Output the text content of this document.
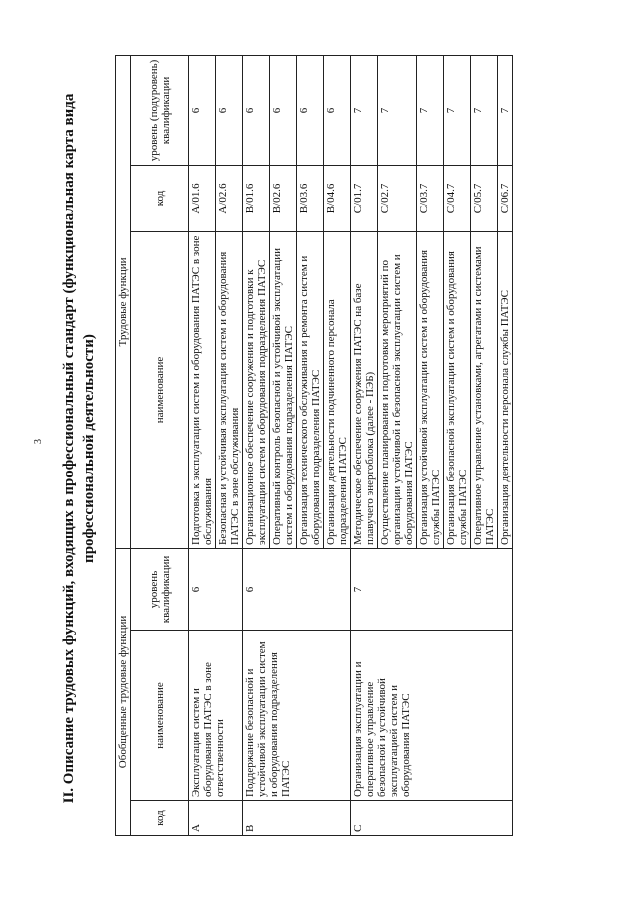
3 II. Описание трудовых функций, входящих в профессиональный стандарт (функциональная карта вида профессиональной деятельности)
Обобщенные трудовые функции			Трудовые функции		
код	наименование	уровень квалификации	наименование	код	уровень (подуровень) квалификации
A	Эксплуатация систем и оборудования ПАТЭС в зоне ответственности	6	Подготовка к эксплуатации систем и оборудования ПАТЭС в зоне обслуживания	A/01.6	6
			Безопасная и устойчивая эксплуатация систем и оборудования ПАТЭС в зоне обслуживания	A/02.6	6
B	Поддержание безопасной и устойчивой эксплуатации систем и оборудования подразделения ПАТЭС	6	Организационное обеспечение сооружения и подготовки к эксплуатации систем и оборудования подразделения ПАТЭС	B/01.6	6
			Оперативный контроль безопасной и устойчивой эксплуатации систем и оборудования подразделения ПАТЭС	B/02.6	6
			Организация технического обслуживания и ремонта систем и оборудования подразделения ПАТЭС	B/03.6	6
			Организация деятельности подчиненного персонала подразделения ПАТЭС	B/04.6	6
C	Организация эксплуатации и оперативное управление безопасной и устойчивой эксплуатацией систем и оборудования ПАТЭС	7	Методическое обеспечение сооружения ПАТЭС на базе плавучего энергоблока (далее - ПЭБ)	C/01.7	7
			Осуществление планирования и подготовки мероприятий по организации устойчивой и безопасной эксплуатации систем и оборудования ПАТЭС	C/02.7	7
			Организация устойчивой эксплуатации систем и оборудования службы ПАТЭС	C/03.7	7
			Организация безопасной эксплуатации систем и оборудования службы ПАТЭС	C/04.7	7
			Оперативное управление установками, агрегатами и системами ПАТЭС	C/05.7	7
			Организация деятельности персонала службы ПАТЭС	C/06.7	7
